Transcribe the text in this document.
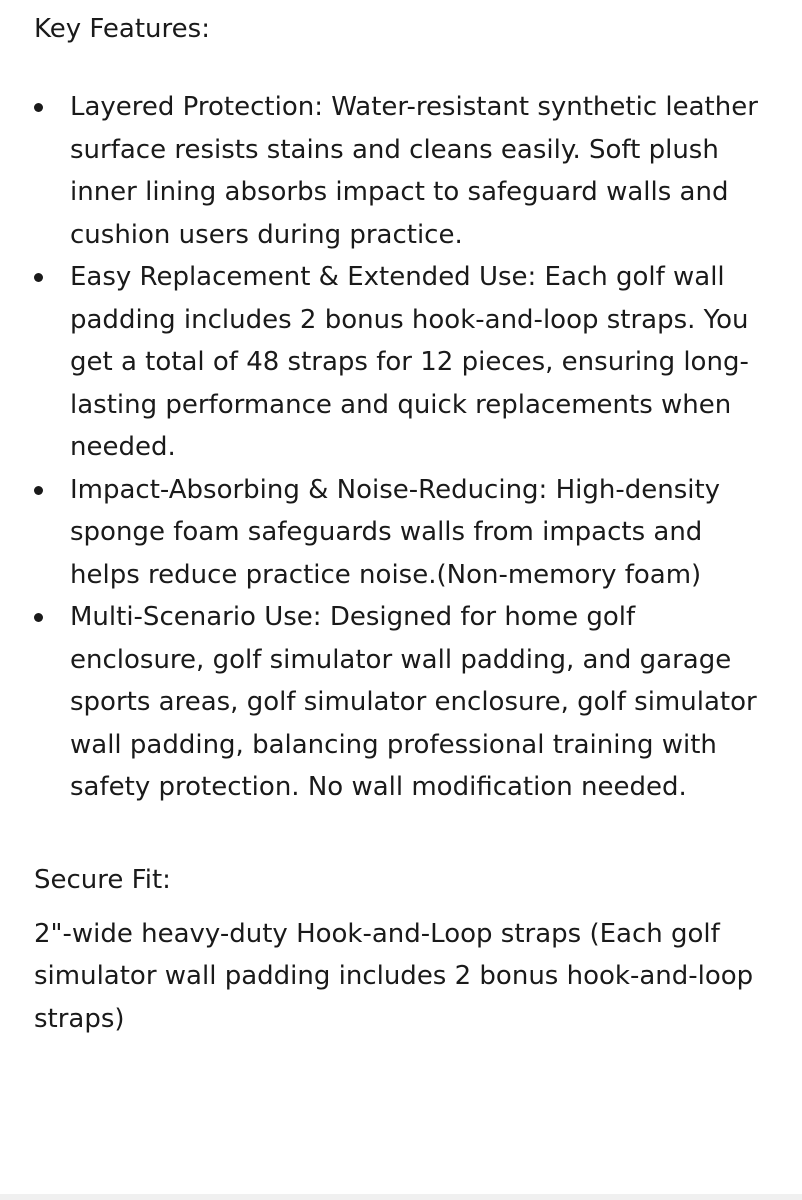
Key Features:
Layered Protection: Water-resistant synthetic leather surface resists stains and cleans easily. Soft plush inner lining absorbs impact to safeguard walls and cushion users during practice.
Easy Replacement & Extended Use: Each golf wall padding includes 2 bonus hook-and-loop straps. You get a total of 48 straps for 12 pieces, ensuring long-lasting performance and quick replacements when needed.
Impact-Absorbing & Noise-Reducing: High-density sponge foam safeguards walls from impacts and helps reduce practice noise.(Non-memory foam)
Multi-Scenario Use: Designed for home golf enclosure, golf simulator wall padding, and garage sports areas, golf simulator enclosure, golf simulator wall padding, balancing professional training with safety protection. No wall modification needed.
Secure Fit:

2"-wide heavy-duty Hook-and-Loop straps (Each golf simulator wall padding includes 2 bonus hook-and-loop straps)
